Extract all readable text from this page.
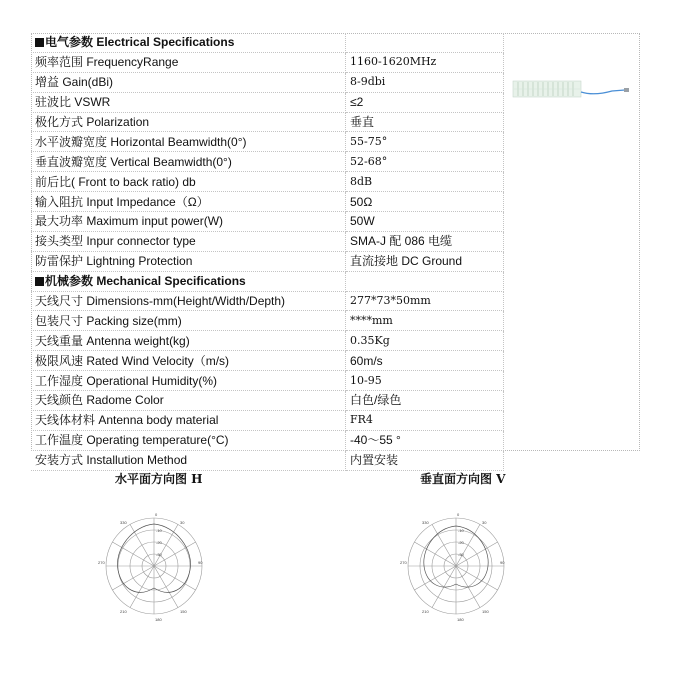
电气参数 Electrical Specifications	
频率范围 FrequencyRange	1160-1620MHz
增益 Gain(dBi)	8-9dbi
驻波比 VSWR	≤2
极化方式 Polarization	垂直
水平波瓣宽度 Horizontal Beamwidth(0°)	55-75°
垂直波瓣宽度 Vertical Beamwidth(0°)	52-68°
前后比( Front to back ratio) db	8dB
输入阻抗 Input Impedance（Ω）	50Ω
最大功率 Maximum input power(W)	50W
接头类型 Inpur connector type	SMA-J 配 086 电缆
防雷保护 Lightning Protection	直流接地 DC Ground
机械参数 Mechanical Specifications	
天线尺寸 Dimensions-mm(Height/Width/Depth)	277*73*50mm
包装尺寸 Packing size(mm)	****mm
天线重量 Antenna weight(kg)	0.35Kg
极限风速 Rated Wind Velocity（m/s)	60m/s
工作湿度 Operational Humidity(%)	10-95
天线颜色 Radome Color	白色/绿色
天线体材料 Antenna body material	FR4
工作温度 Operating temperature(°C)	-40～55 °
安装方式 Installution Method	内置安装
水平面方向图 H	垂直面方向图 V
0
90
180
270
30
150
210
330
-10
-20
-30
0
90
180
270
30
150
210
330
-10
-20
-30
